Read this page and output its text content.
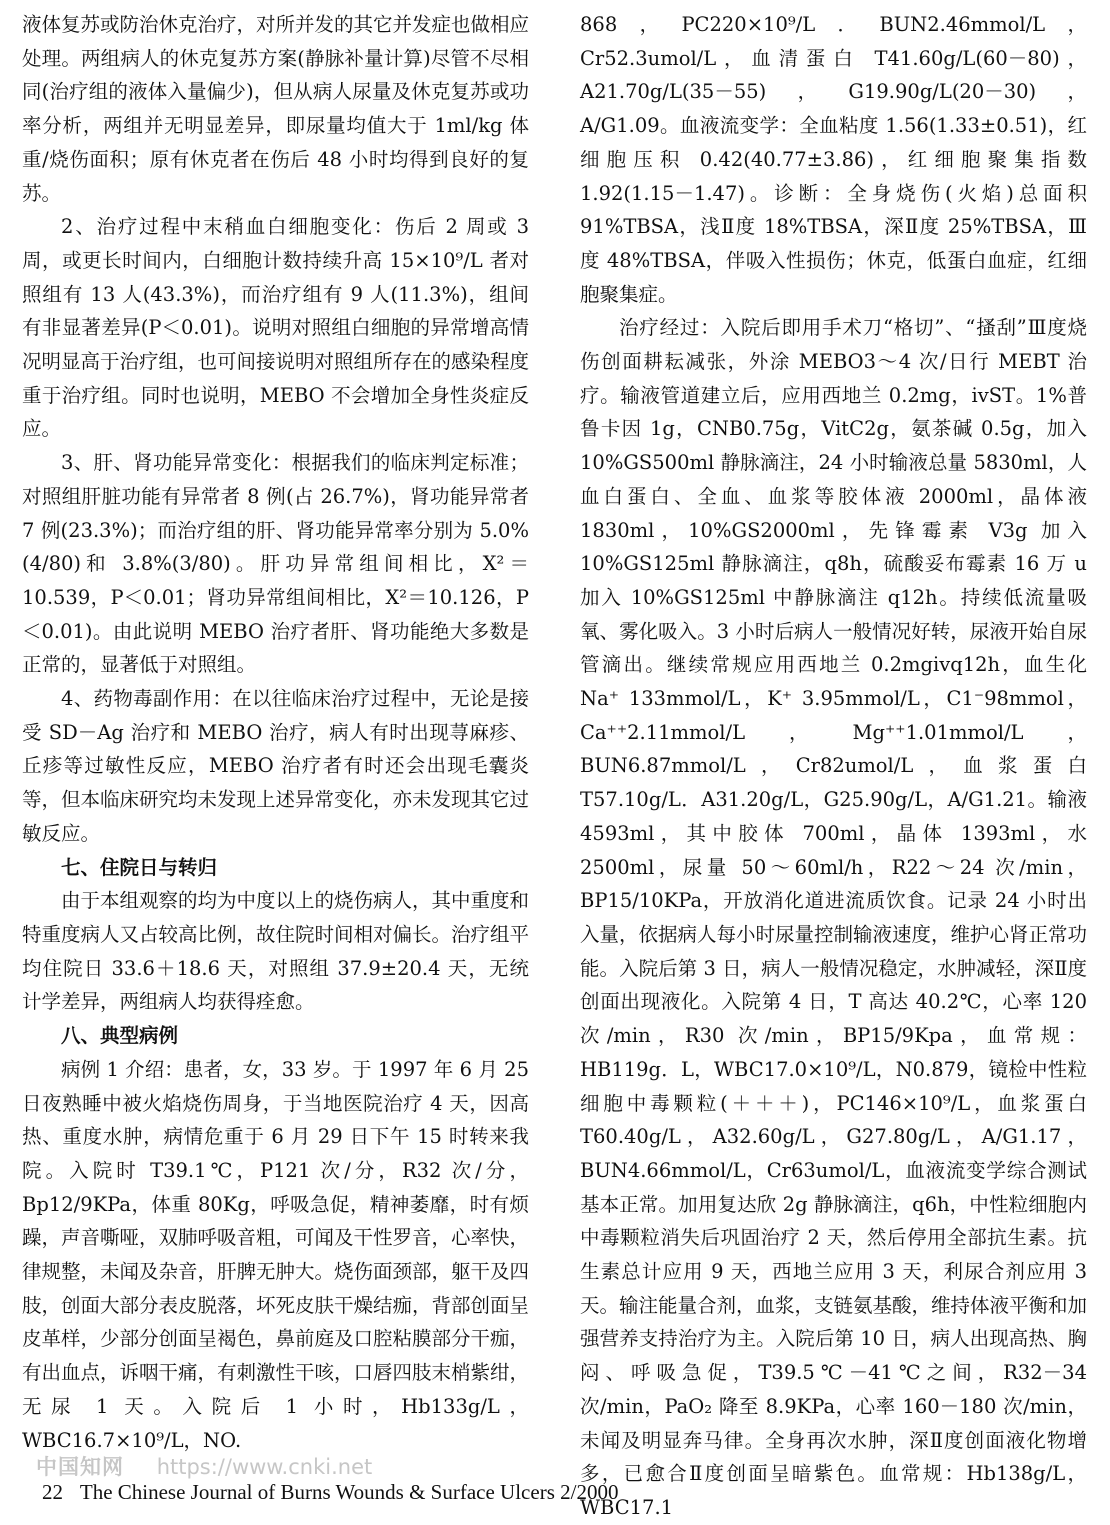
液体复苏或防治休克治疗，对所并发的其它并发症也做相应处理。两组病人的休克复苏方案(静脉补量计算)尽管不尽相同(治疗组的液体入量偏少)，但从病人尿量及休克复苏或功率分析，两组并无明显差异，即尿量均值大于 1ml/kg 体重/烧伤面积；原有休克者在伤后 48 小时均得到良好的复苏。

2、治疗过程中末稍血白细胞变化：伤后 2 周或 3 周，或更长时间内，白细胞计数持续升高 15×10⁹/L 者对照组有 13 人(43.3%)，而治疗组有 9 人(11.3%)，组间有非显著差异(P＜0.01)。说明对照组白细胞的异常增高情况明显高于治疗组，也可间接说明对照组所存在的感染程度重于治疗组。同时也说明，MEBO 不会增加全身性炎症反应。

3、肝、肾功能异常变化：根据我们的临床判定标准；对照组肝脏功能有异常者 8 例(占 26.7%)，肾功能异常者 7 例(23.3%)；而治疗组的肝、肾功能异常率分别为 5.0%(4/80)和 3.8%(3/80)。肝功异常组间相比，X²＝10.539，P＜0.01；肾功异常组间相比，X²＝10.126，P＜0.01)。由此说明 MEBO 治疗者肝、肾功能绝大多数是正常的，显著低于对照组。

4、药物毒副作用：在以往临床治疗过程中，无论是接受 SD－Ag 治疗和 MEBO 治疗，病人有时出现荨麻疹、丘疹等过敏性反应，MEBO 治疗者有时还会出现毛囊炎等，但本临床研究均未发现上述异常变化，亦未发现其它过敏反应。

七、住院日与转归

由于本组观察的均为中度以上的烧伤病人，其中重度和特重度病人又占较高比例，故住院时间相对偏长。治疗组平均住院日 33.6＋18.6 天，对照组 37.9±20.4 天，无统计学差异，两组病人均获得痊愈。

八、典型病例

病例 1 介绍：患者，女，33 岁。于 1997 年 6 月 25 日夜熟睡中被火焰烧伤周身，于当地医院治疗 4 天，因高热、重度水肿，病情危重于 6 月 29 日下午 15 时转来我院。入院时 T39.1℃，P121 次/分，R32 次/分，Bp12/9KPa，体重 80Kg，呼吸急促，精神萎靡，时有烦躁，声音嘶哑，双肺呼吸音粗，可闻及干性罗音，心率快，律规整，未闻及杂音，肝脾无肿大。烧伤面颈部，躯干及四肢，创面大部分表皮脱落，坏死皮肤干燥结痂，背部创面呈皮革样，少部分创面呈褐色，鼻前庭及口腔粘膜部分干痂，有出血点，诉咽干痛，有刺激性干咳，口唇四肢末梢紫绀，无尿 1 天。入院后 1 小时，Hb133g/L，WBC16.7×10⁹/L，NO.

868，PC220×10⁹/L．BUN2.46mmol/L，Cr52.3umol/L，血清蛋白 T41.60g/L(60－80)，A21.70g/L(35－55)，G19.90g/L(20－30)，A/G1.09。血液流变学：全血粘度 1.56(1.33±0.51)，红细胞压积 0.42(40.77±3.86)，红细胞聚集指数 1.92(1.15－1.47)。诊断：全身烧伤(火焰)总面积 91%TBSA，浅Ⅱ度 18%TBSA，深Ⅱ度 25%TBSA，Ⅲ度 48%TBSA，伴吸入性损伤；休克，低蛋白血症，红细胞聚集症。

治疗经过：入院后即用手术刀“格切”、“搔刮”Ⅲ度烧伤创面耕耘减张，外涂 MEBO3～4 次/日行 MEBT 治疗。输液管道建立后，应用西地兰 0.2mg，ivST。1%普鲁卡因 1g，CNB0.75g，VitC2g，氨茶碱 0.5g，加入 10%GS500ml 静脉滴注，24 小时输液总量 5830ml，人血白蛋白、全血、血浆等胶体液 2000ml，晶体液 1830ml，10%GS2000ml，先锋霉素 V3g 加入 10%GS125ml 静脉滴注，q8h，硫酸妥布霉素 16 万 u 加入 10%GS125ml 中静脉滴注 q12h。持续低流量吸氧、雾化吸入。3 小时后病人一般情况好转，尿液开始自尿管滴出。继续常规应用西地兰 0.2mgivq12h，血生化 Na⁺ 133mmol/L，K⁺ 3.95mmol/L，C1⁻98mmol，Ca⁺⁺2.11mmol/L，Mg⁺⁺1.01mmol/L，BUN6.87mmol/L，Cr82umol/L，血浆蛋白 T57.10g/L．A31.20g/L，G25.90g/L，A/G1.21。输液 4593ml，其中胶体 700ml，晶体 1393ml，水 2500ml，尿量 50～60ml/h，R22～24 次/min，BP15/10KPa，开放消化道进流质饮食。记录 24 小时出入量，依据病人每小时尿量控制输液速度，维护心肾正常功能。入院后第 3 日，病人一般情况稳定，水肿减轻，深Ⅱ度创面出现液化。入院第 4 日，T 高达 40.2℃，心率 120 次/min，R30 次/min，BP15/9Kpa，血常规：HB119g．L，WBC17.0×10⁹/L，N0.879，镜检中性粒细胞中毒颗粒(＋＋＋)，PC146×10⁹/L，血浆蛋白 T60.40g/L，A32.60g/L，G27.80g/L，A/G1.17，BUN4.66mmol/L，Cr63umol/L，血液流变学综合测试基本正常。加用复达欣 2g 静脉滴注，q6h，中性粒细胞内中毒颗粒消失后巩固治疗 2 天，然后停用全部抗生素。抗生素总计应用 9 天，西地兰应用 3 天，利尿合剂应用 3 天。输注能量合剂，血浆，支链氨基酸，维持体液平衡和加强营养支持治疗为主。入院后第 10 日，病人出现高热、胸闷、呼吸急促，T39.5℃－41℃之间，R32－34 次/min，PaO₂ 降至 8.9KPa，心率 160－180 次/min，未闻及明显奔马律。全身再次水肿，深Ⅱ度创面液化物增多，已愈合Ⅱ度创面呈暗紫色。血常规：Hb138g/L，WBC17.1

中国知网 https://www.cnki.net
22 The Chinese Journal of Burns Wounds & Surface Ulcers 2/2000
